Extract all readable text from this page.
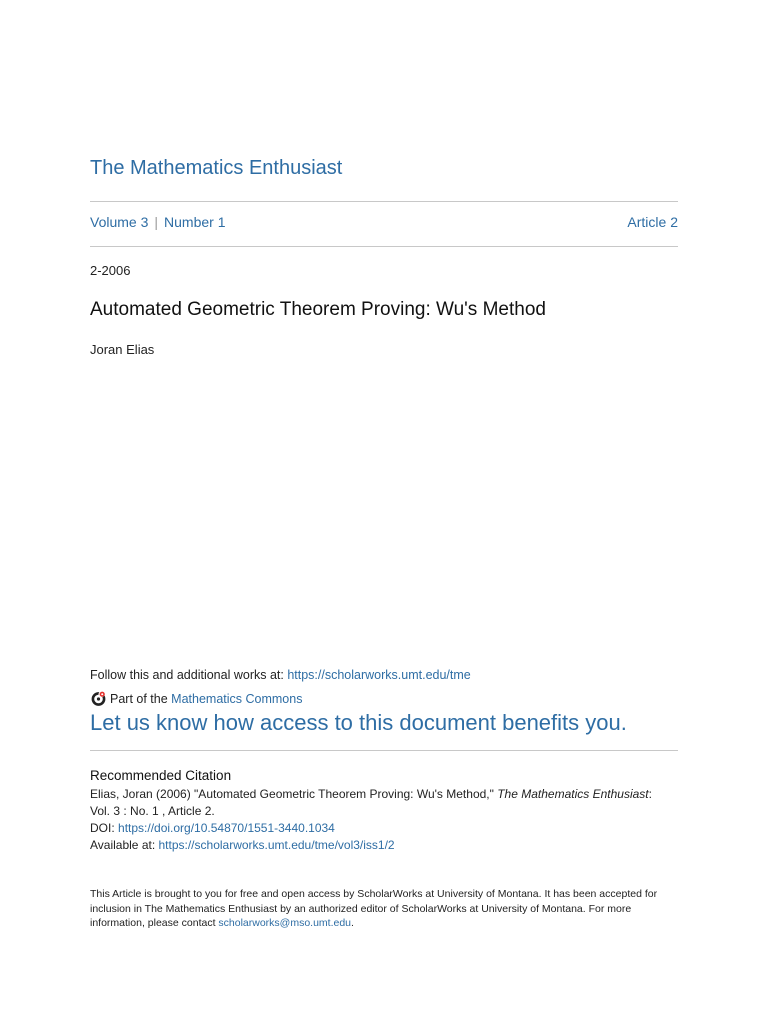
The Mathematics Enthusiast
Volume 3 | Number 1	Article 2
2-2006
Automated Geometric Theorem Proving: Wu's Method
Joran Elias
Follow this and additional works at: https://scholarworks.umt.edu/tme
Part of the
Mathematics Commons
Let us know how access to this document benefits you.
Recommended Citation
Elias, Joran (2006) "Automated Geometric Theorem Proving: Wu's Method," The Mathematics Enthusiast:
Vol. 3 : No. 1 , Article 2.
DOI: https://doi.org/10.54870/1551-3440.1034
Available at: https://scholarworks.umt.edu/tme/vol3/iss1/2
This Article is brought to you for free and open access by ScholarWorks at University of Montana. It has been accepted for inclusion in The Mathematics Enthusiast by an authorized editor of ScholarWorks at University of Montana. For more information, please contact scholarworks@mso.umt.edu.
